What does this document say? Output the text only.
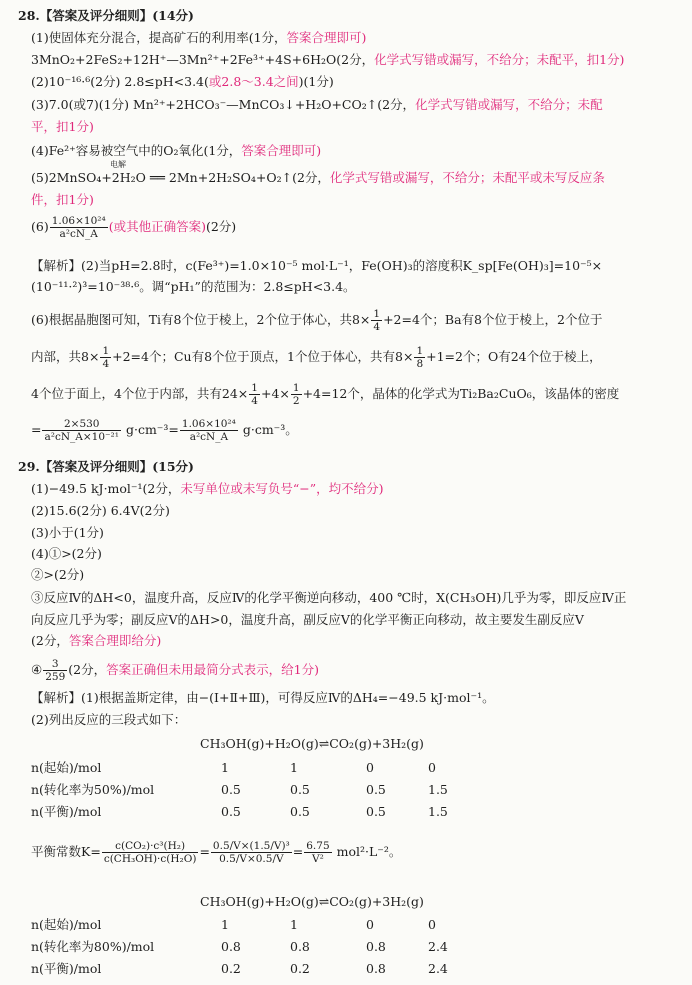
28.【答案及评分细则】(14分)
(1)使固体充分混合，提高矿石的利用率(1分，答案合理即可)
3MnO₂+2FeS₂+12H⁺—3Mn²⁺+2Fe³⁺+4S+6H₂O(2分，化学式写错或漏写，不给分；未配平，扣1分)
(2)10⁻¹⁶·⁶(2分) 2.8≤pH<3.4(或2.8～3.4之间)(1分)
(3)7.0(或7)(1分) Mn²⁺+2HCO₃⁻—MnCO₃↓+H₂O+CO₂↑(2分，化学式写错或漏写，不给分；未配
平，扣1分)
(4)Fe²⁺容易被空气中的O₂氧化(1分，答案合理即可)
电解
(5)2MnSO₄+2H₂O ══ 2Mn+2H₂SO₄+O₂↑(2分，化学式写错或漏写，不给分；未配平或未写反应条
件，扣1分)
$(6) \frac{\text{1.06×10²⁴}}{\text{a²cN\_A}}$ (或其他正确答案)(2分)
【解析】(2)当pH=2.8时，c(Fe³⁺)=1.0×10⁻⁵ mol·L⁻¹，Fe(OH)₃的溶度积K_sp[Fe(OH)₃]=10⁻⁵×
(10⁻¹¹·²)³=10⁻³⁸·⁶。调“pH₁”的范围为：2.8≤pH<3.4。
(6)根据晶胞图可知，Ti有8个位于棱上，2个位于体心，共$8\times \frac{1}{4} +2=4$个；Ba有8个位于棱上，2个位于
内部，共$8\times \frac{1}{4} +2=4$个；Cu有8个位于顶点，1个位于体心，共有$8\times \frac{1}{8} +1=2$个；O有24个位于棱上，
4个位于面上，4个位于内部，共有$24\times \frac{1}{4} +4\times \frac{1}{2} +4=12$个，晶体的化学式为Ti₂Ba₂CuO₆，该晶体的密度
= $\frac{2\times 530}{\text{a²cN\_A×10⁻²¹}} g\cdot cm^{-3}= \frac{\text{1.06×10²⁴}}{\text{a²cN\_A}} g\cdot cm^{-3}$。
29.【答案及评分细则】(15分)
(1)−49.5 kJ·mol⁻¹(2分，未写单位或未写负号“−”，均不给分)
(2)15.6(2分) 6.4V(2分)
(3)小于(1分)
(4)①>(2分)
②>(2分)
③反应Ⅳ的ΔH<0，温度升高，反应Ⅳ的化学平衡逆向移动，400 ℃时，X(CH₃OH)几乎为零，即反应Ⅳ正
向反应几乎为零；副反应Ⅴ的ΔH>0，温度升高，副反应Ⅴ的化学平衡正向移动，故主要发生副反应Ⅴ
(2分，答案合理即给分)
④ $\frac{3}{259} (2$分，答案正确但未用最简分式表示，给1分)
【解析】(1)根据盖斯定律，由−(Ⅰ+Ⅱ+Ⅲ)，可得反应Ⅳ的ΔH₄=−49.5 kJ·mol⁻¹。
(2)列出反应的三段式如下：
CH₃OH(g)+H₂O(g)⇌CO₂(g)+3H₂(g)
n(起始)/mol	1	1	0	0
n(转化率为50%)/mol	0.5	0.5	0.5	1.5
n(平衡)/mol	0.5	0.5	0.5	1.5
平衡常数$K= \frac{\text{c(CO₂)·c³(H₂)}}{\text{c(CH₃OH)·c(H₂O)}} = \frac{\text{0.5/V×(1.5/V)³}}{0.5/V\times 0.5/V} = \frac{6.75}{\text{V²}} mol^2\cdot L^{-2}$。
CH₃OH(g)+H₂O(g)⇌CO₂(g)+3H₂(g)
n(起始)/mol	1	1	0	0
n(转化率为80%)/mol	0.8	0.8	0.8	2.4
n(平衡)/mol	0.2	0.2	0.8	2.4
